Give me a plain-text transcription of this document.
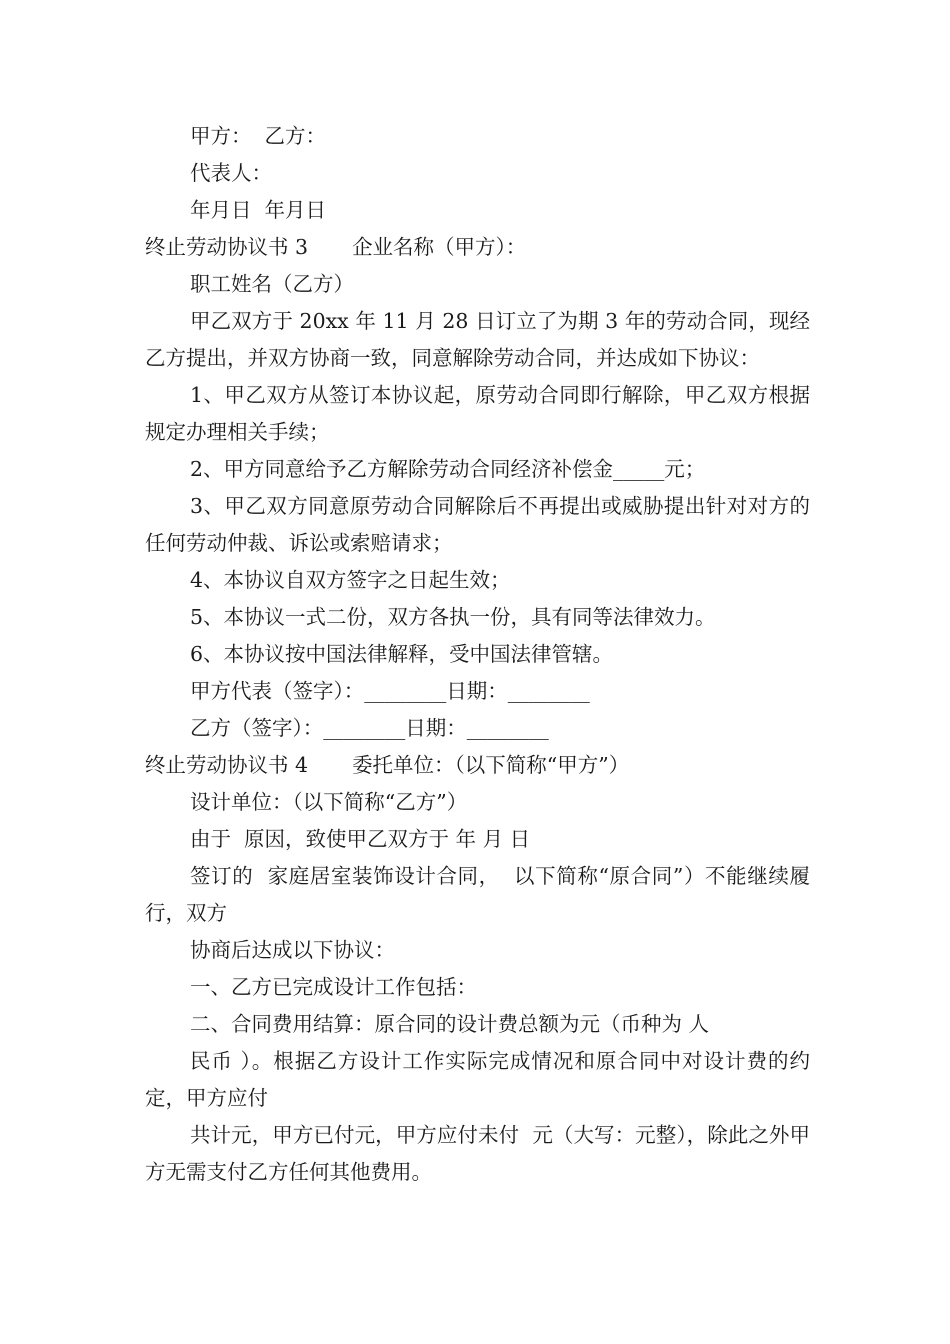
甲方：  乙方：

代表人：

年月日  年月日

终止劳动协议书 3 企业名称（甲方）：

职工姓名（乙方）

甲乙双方于 20xx 年 11 月 28 日订立了为期 3 年的劳动合同，现经乙方提出，并双方协商一致，同意解除劳动合同，并达成如下协议：

1、甲乙双方从签订本协议起，原劳动合同即行解除，甲乙双方根据规定办理相关手续；

2、甲方同意给予乙方解除劳动合同经济补偿金_____元；

3、甲乙双方同意原劳动合同解除后不再提出或威胁提出针对对方的任何劳动仲裁、诉讼或索赔请求；

4、本协议自双方签字之日起生效；

5、本协议一式二份，双方各执一份，具有同等法律效力。

6、本协议按中国法律解释，受中国法律管辖。

甲方代表（签字）：________日期：________

乙方（签字）：________日期：________

终止劳动协议书 4 委托单位：（以下简称“甲方”）

设计单位：（以下简称“乙方”）

由于  原因，致使甲乙双方于 年 月 日

签订的  家庭居室装饰设计合同，  以下简称“原合同”）不能继续履行，双方

协商后达成以下协议：

一、乙方已完成设计工作包括：

二、合同费用结算：原合同的设计费总额为元（币种为 人

民币 ）。根据乙方设计工作实际完成情况和原合同中对设计费的约定，甲方应付

共计元，甲方已付元，甲方应付未付  元（大写：元整），除此之外甲方无需支付乙方任何其他费用。
